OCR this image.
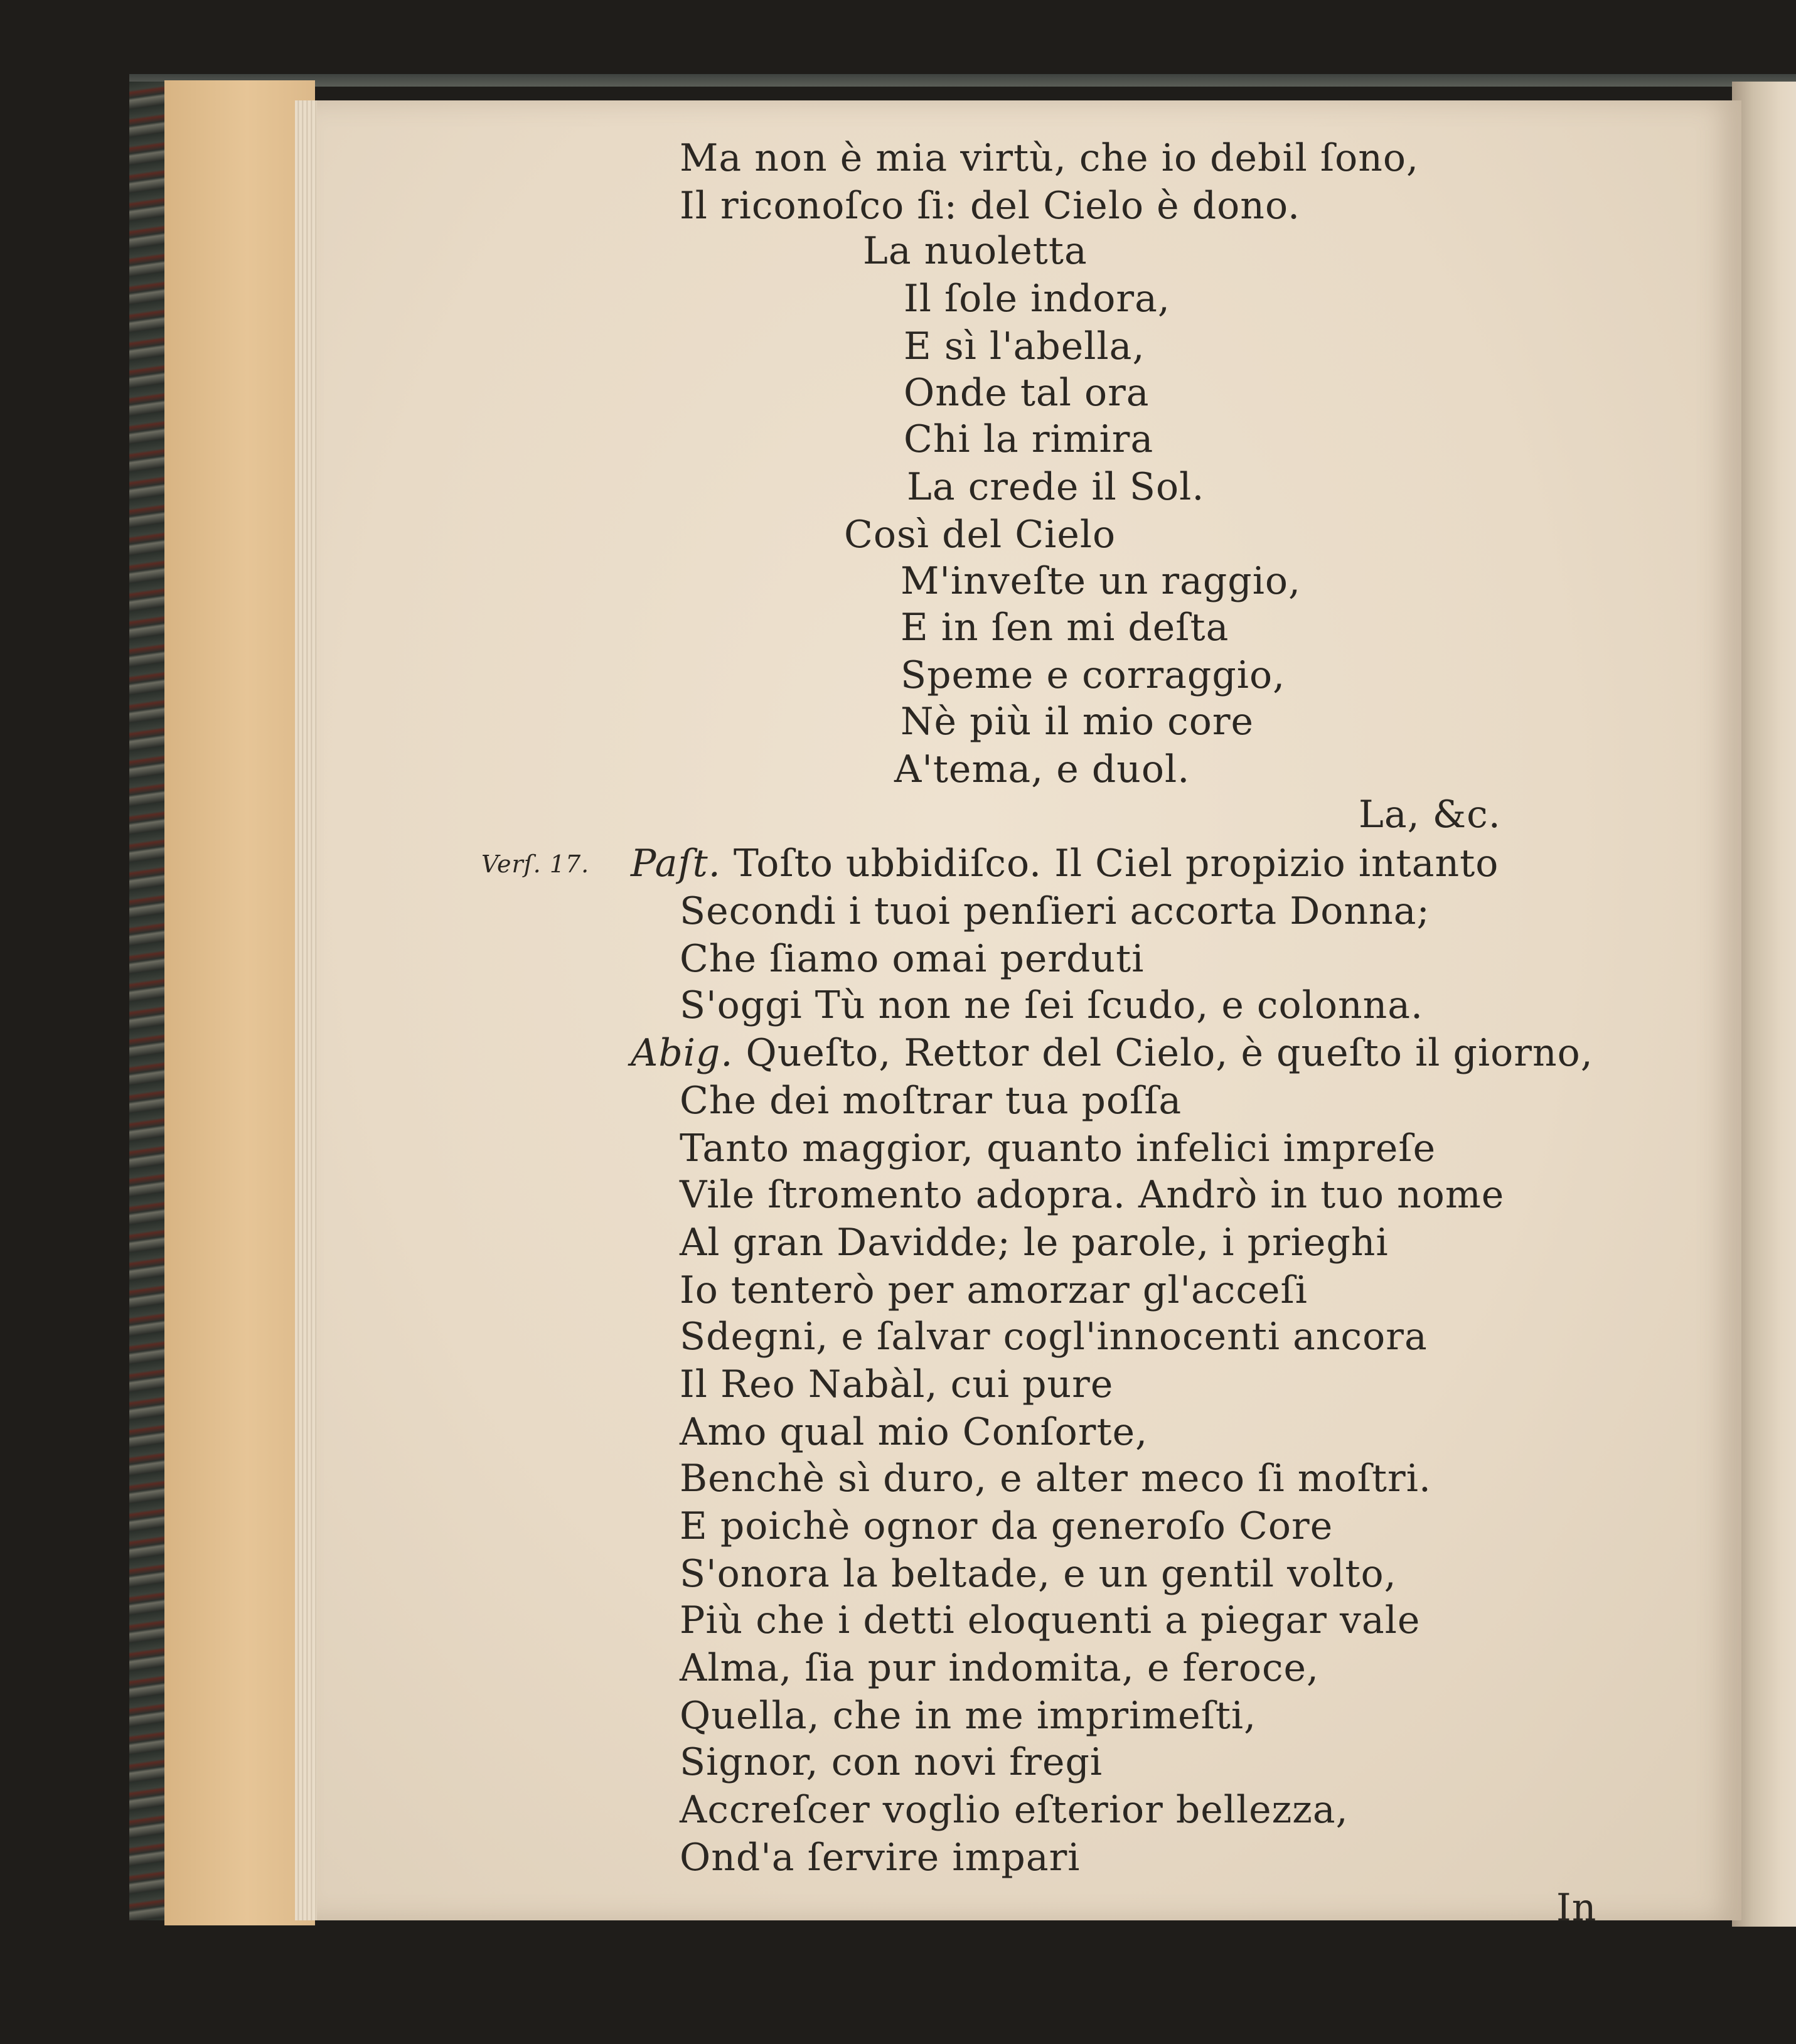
Ma non è mia virtù, che io debil ſono,

Il riconoſco ſi: del Cielo è dono.

La nuoletta

Il ſole indora,

E sì l'abella,

Onde tal ora

Chi la rimira

La crede il Sol.

Così del Cielo

M'inveſte un raggio,

E in ſen mi deſta

Speme e corraggio,

Nè più il mio core

A'tema, e duol.

La, &c.

Verſ. 17. Paſt. Toſto ubbidiſco. Il Ciel propizio intanto

Secondi i tuoi penſieri accorta Donna;

Che ſiamo omai perduti

S'oggi Tù non ne ſei ſcudo, e colonna.

Abig. Queſto, Rettor del Cielo, è queſto il giorno,

Che dei moſtrar tua poſſa

Tanto maggior, quanto infelici impreſe

Vile ſtromento adopra. Andrò in tuo nome

Al gran Davidde; le parole, i prieghi

Io tenterò per amorzar gl'acceſi

Sdegni, e ſalvar cogl'innocenti ancora

Il Reo Nabàl, cui pure

Amo qual mio Conſorte,

Benchè sì duro, e alter meco ſi moſtri.

E poichè ognor da generoſo Core

S'onora la beltade, e un gentil volto,

Più che i detti eloquenti a piegar vale

Alma, ſia pur indomita, e feroce,

Quella, che in me imprimeſti,

Signor, con novi fregi

Accreſcer voglio eſterior bellezza,

Ond'a ſervire impari

In
